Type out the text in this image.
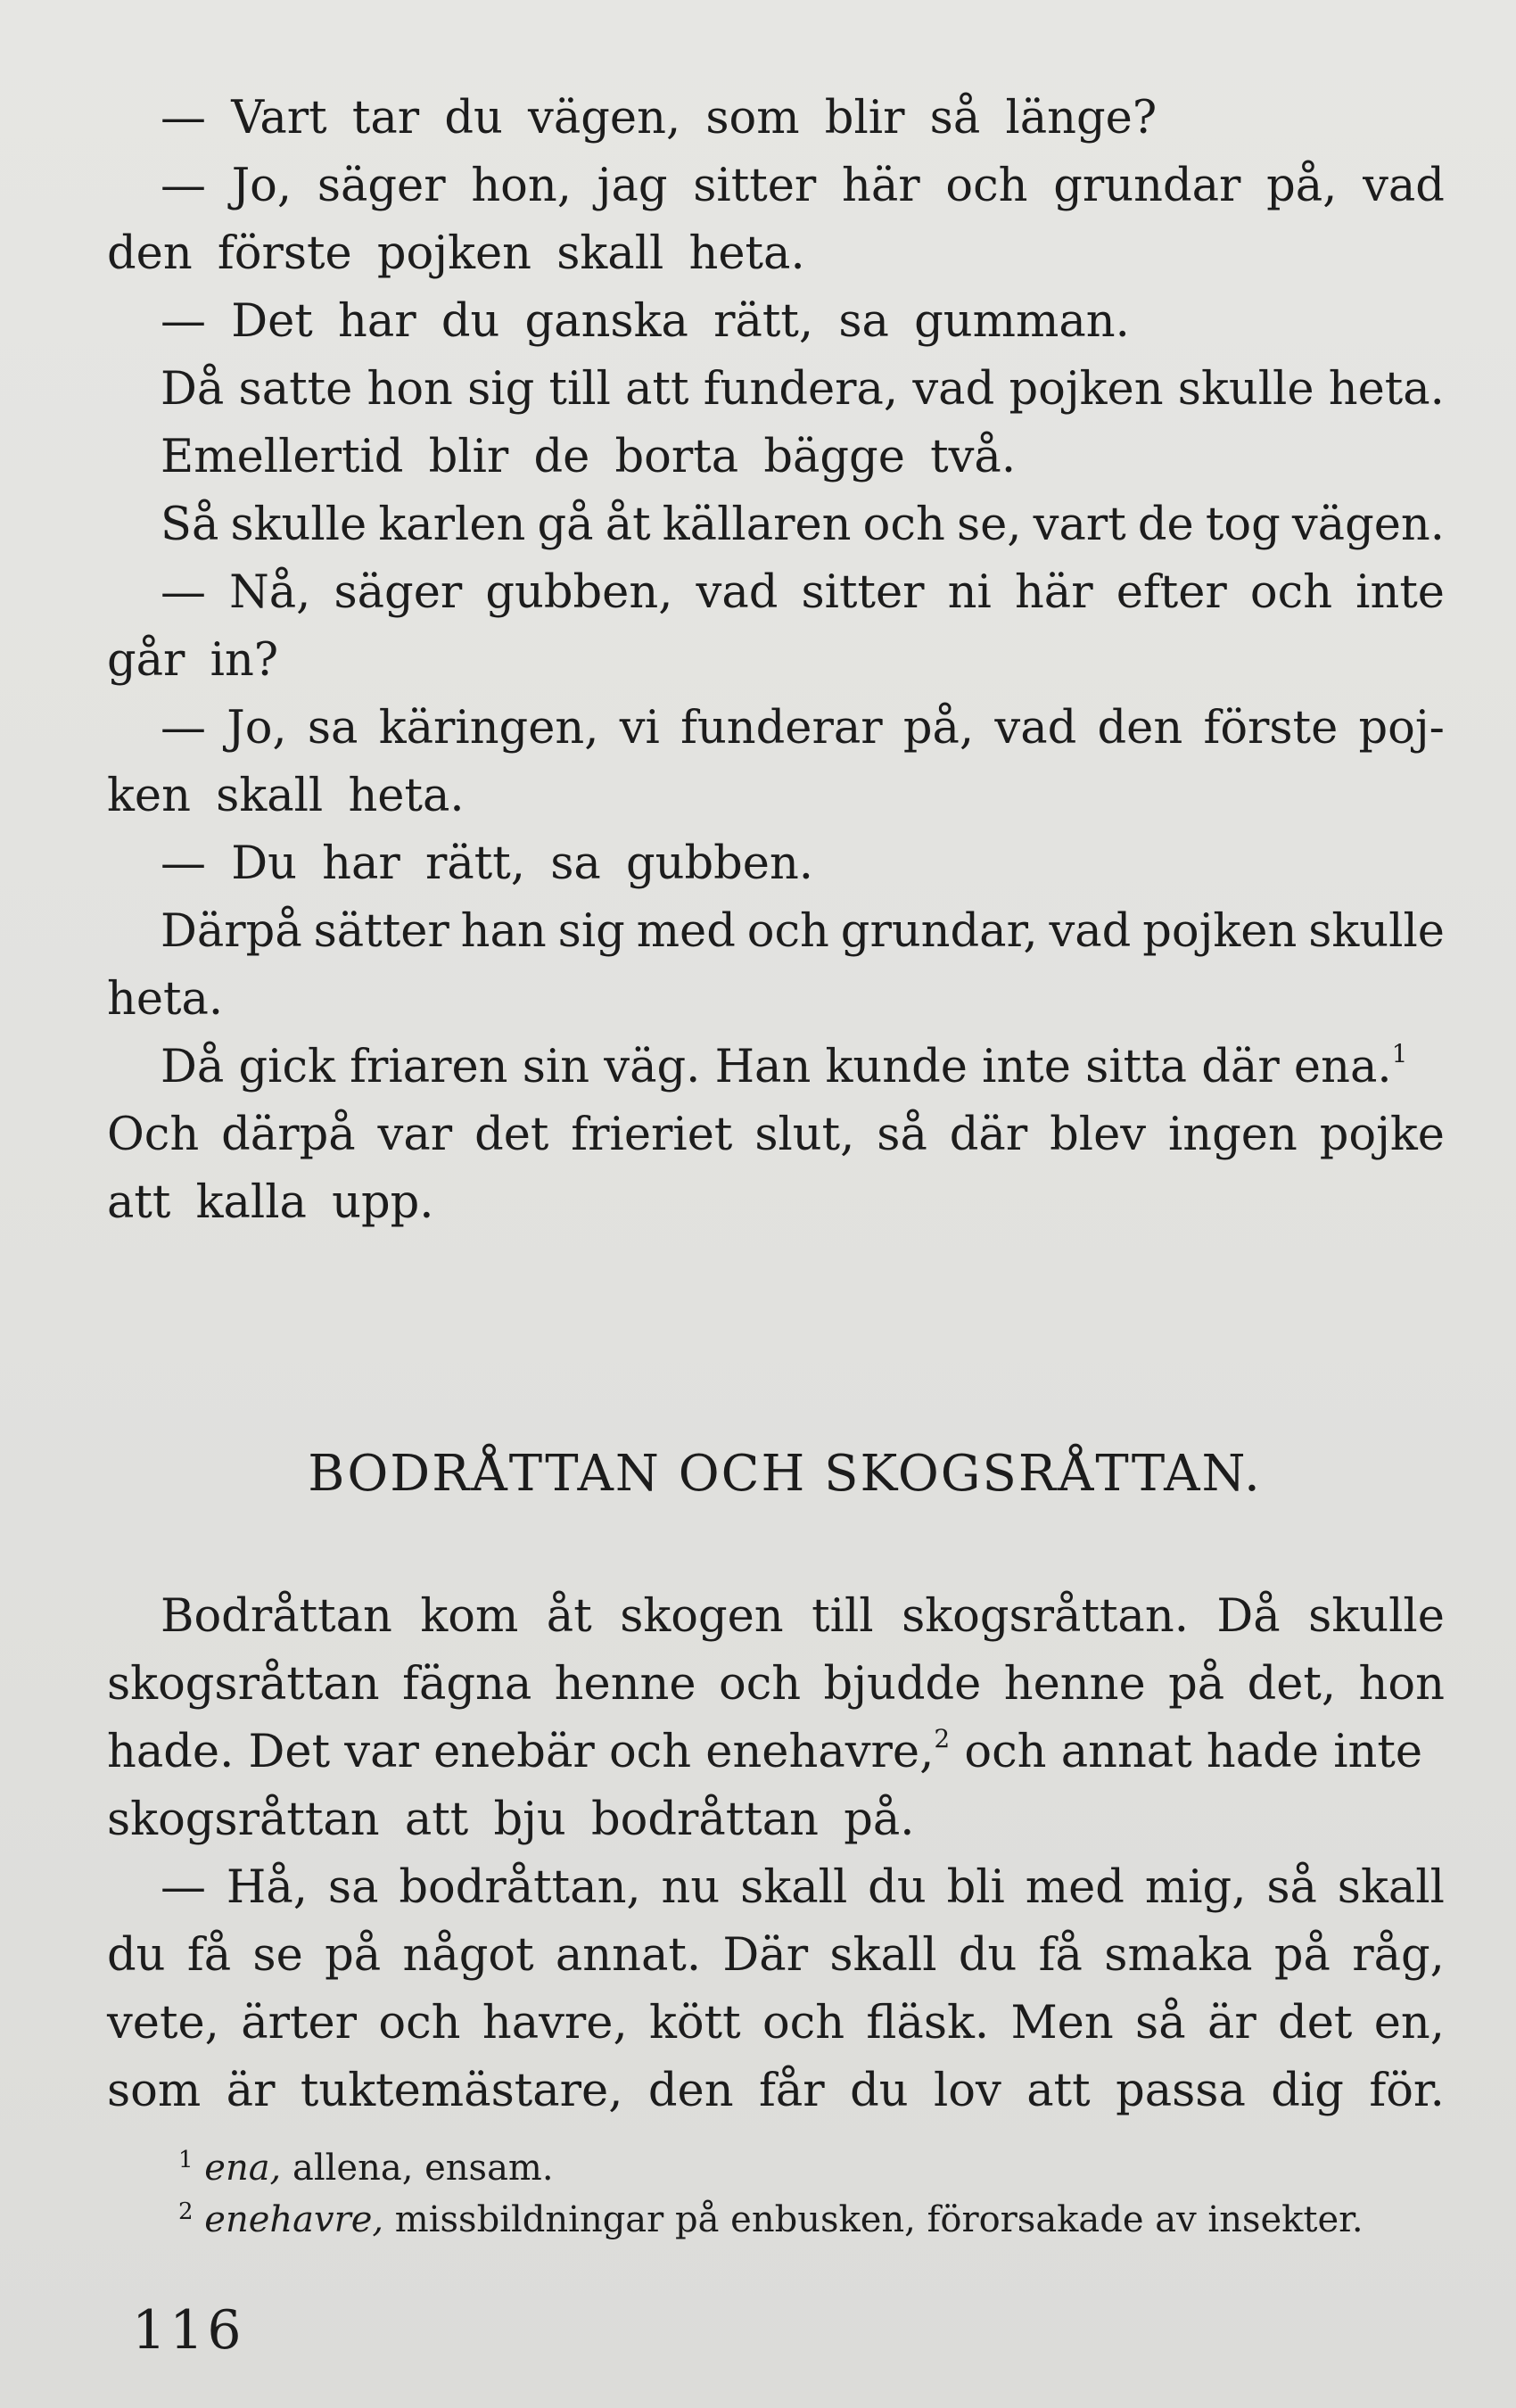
— Vart tar du vägen, som blir så länge?
— Jo, säger hon, jag sitter här och grundar på, vad
den förste pojken skall heta.
— Det har du ganska rätt, sa gumman.
Då satte hon sig till att fundera, vad pojken skulle heta.
Emellertid blir de borta bägge två.
Så skulle karlen gå åt källaren och se, vart de tog vägen.
— Nå, säger gubben, vad sitter ni här efter och inte
går in?
— Jo, sa käringen, vi funderar på, vad den förste poj-
ken skall heta.
— Du har rätt, sa gubben.
Därpå sätter han sig med och grundar, vad pojken skulle
heta.
Då gick friaren sin väg. Han kunde inte sitta där ena.$^1$
Och därpå var det frieriet slut, så där blev ingen pojke
att kalla upp.
BODRÅTTAN OCH SKOGSRÅTTAN.
Bodråttan kom åt skogen till skogsråttan. Då skulle
skogsråttan fägna henne och bjudde henne på det, hon
hade. Det var enebär och enehavre,$^2$ och annat hade inte
skogsråttan att bju bodråttan på.
— Hå, sa bodråttan, nu skall du bli med mig, så skall
du få se på något annat. Där skall du få smaka på råg,
vete, ärter och havre, kött och fläsk. Men så är det en,
som är tuktemästare, den får du lov att passa dig för.
$^1$ ena, allena, ensam.
$^2$ enehavre, missbildningar på enbusken, förorsakade av insekter.
116
